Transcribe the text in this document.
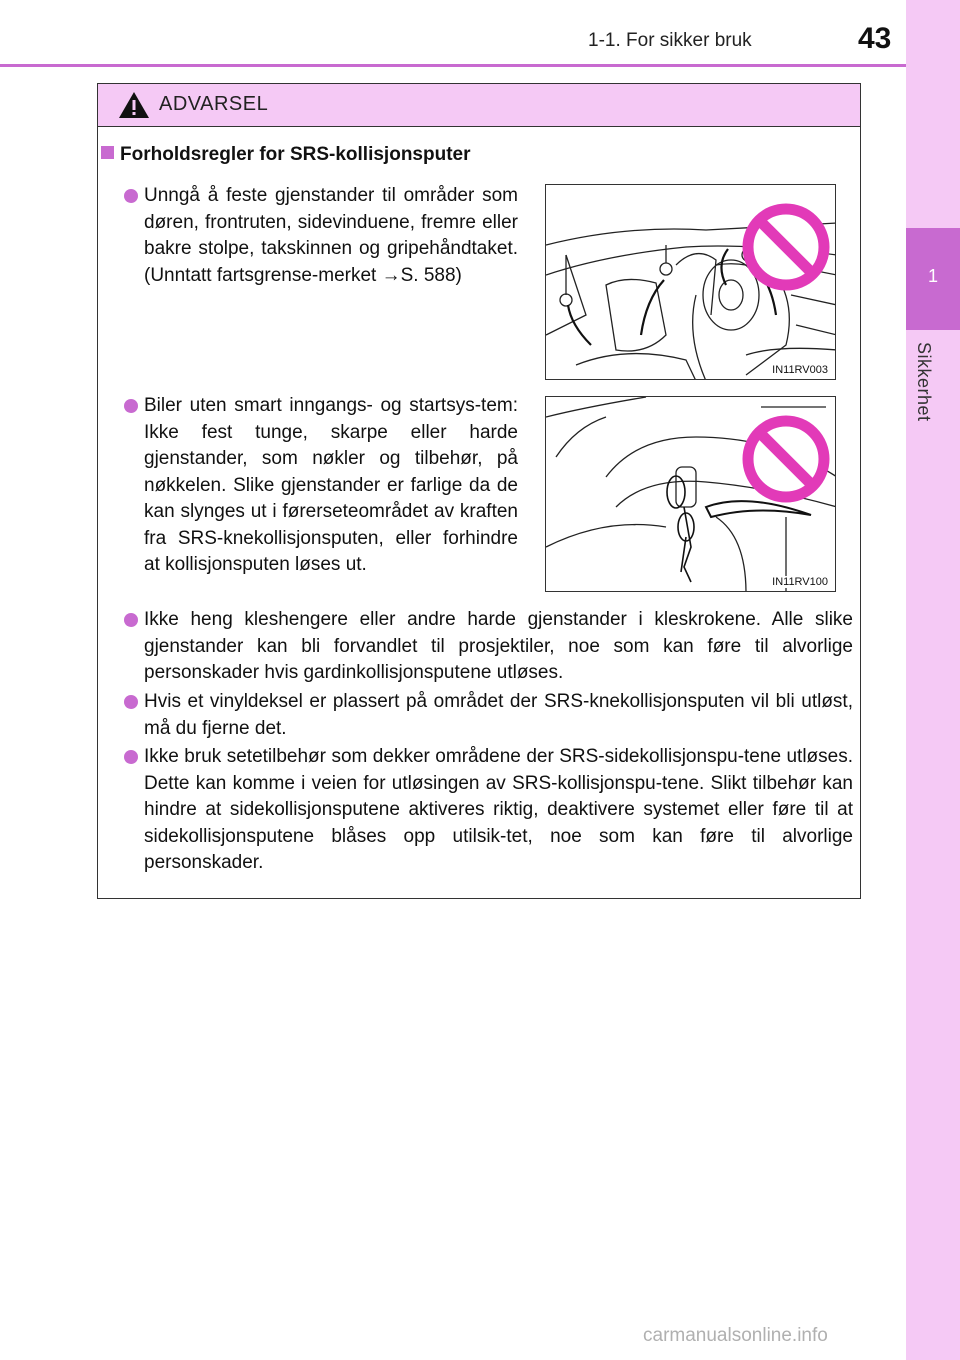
1-1. For sikker bruk	43
1
Sikkerhet
ADVARSEL
Forholdsregler for SRS-kollisjonsputer
Unngå å feste gjenstander til områder som døren, frontruten, sidevinduene, fremre eller bakre stolpe, takskinnen og gripehåndtaket. (Unntatt fartsgrense-merket →S. 588)
Biler uten smart inngangs- og startsys-tem: Ikke fest tunge, skarpe eller harde gjenstander, som nøkler og tilbehør, på nøkkelen. Slike gjenstander er farlige da de kan slynges ut i førerseteområdet av kraften fra SRS-knekollisjonsputen, eller forhindre at kollisjonsputen løses ut.
Ikke heng kleshengere eller andre harde gjenstander i kleskrokene. Alle slike gjenstander kan bli forvandlet til prosjektiler, noe som kan føre til alvorlige personskader hvis gardinkollisjonsputene utløses.
Hvis et vinyldeksel er plassert på området der SRS-knekollisjonsputen vil bli utløst, må du fjerne det.
Ikke bruk setetilbehør som dekker områdene der SRS-sidekollisjonspu-tene utløses. Dette kan komme i veien for utløsingen av SRS-kollisjonspu-tene. Slikt tilbehør kan hindre at sidekollisjonsputene aktiveres riktig, deaktivere systemet eller føre til at sidekollisjonsputene blåses opp utilsik-tet, noe som kan føre til alvorlige personskader.
IN11RV003
IN11RV100
carmanualsonline.info
